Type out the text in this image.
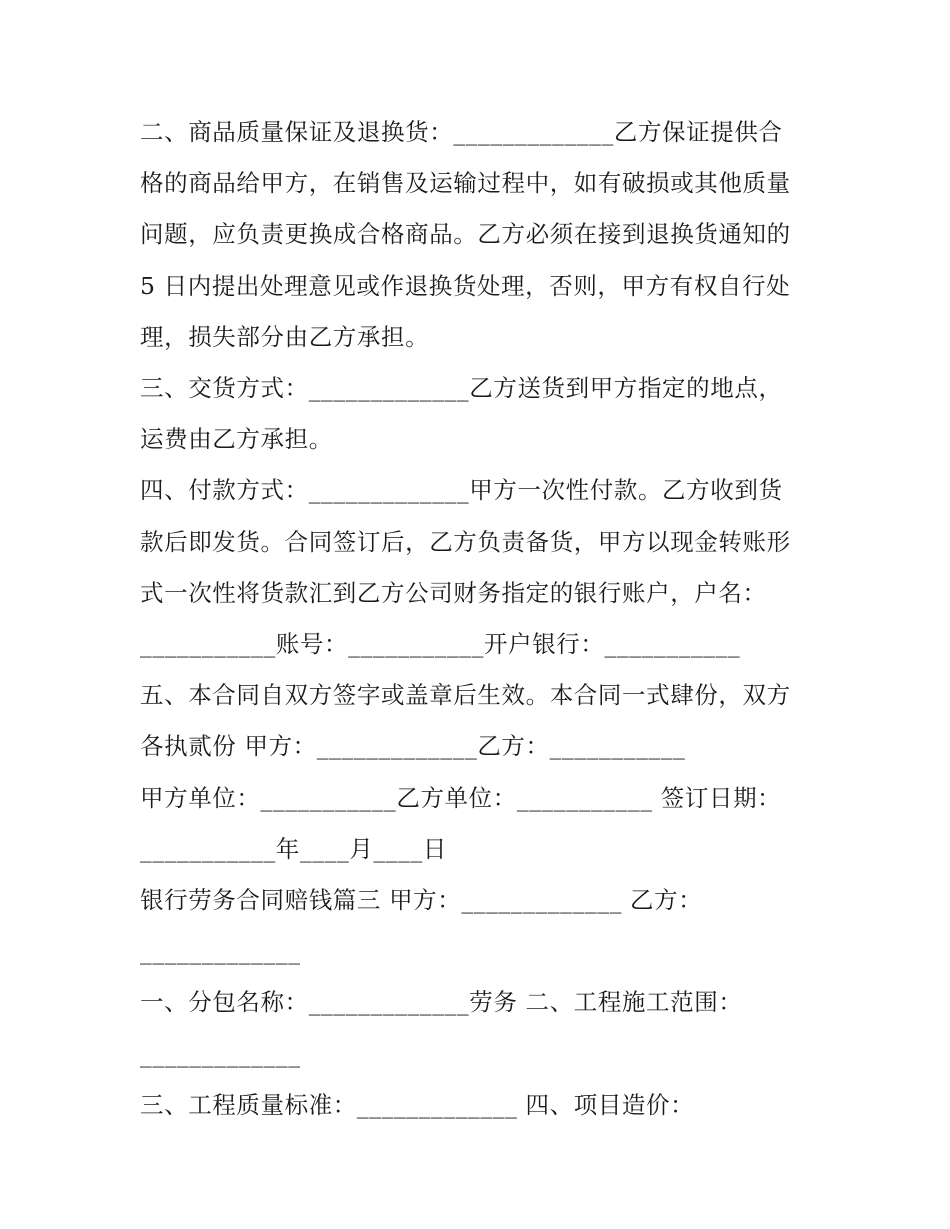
二、商品质量保证及退换货：_____________乙方保证提供合
格的商品给甲方，在销售及运输过程中，如有破损或其他质量
问题，应负责更换成合格商品。乙方必须在接到退换货通知的
5 日内提出处理意见或作退换货处理，否则，甲方有权自行处
理，损失部分由乙方承担。
三、交货方式：_____________乙方送货到甲方指定的地点，
运费由乙方承担。
四、付款方式：_____________甲方一次性付款。乙方收到货
款后即发货。合同签订后，乙方负责备货，甲方以现金转账形
式一次性将货款汇到乙方公司财务指定的银行账户，户名：
___________账号：___________开户银行：___________
五、本合同自双方签字或盖章后生效。本合同一式肆份，双方
各执贰份 甲方：_____________乙方：___________
甲方单位：___________乙方单位：___________ 签订日期：
___________年____月____日
银行劳务合同赔钱篇三 甲方：_____________ 乙方：
_____________
一、分包名称：_____________劳务 二、工程施工范围：
_____________
三、工程质量标准：_____________ 四、项目造价：
